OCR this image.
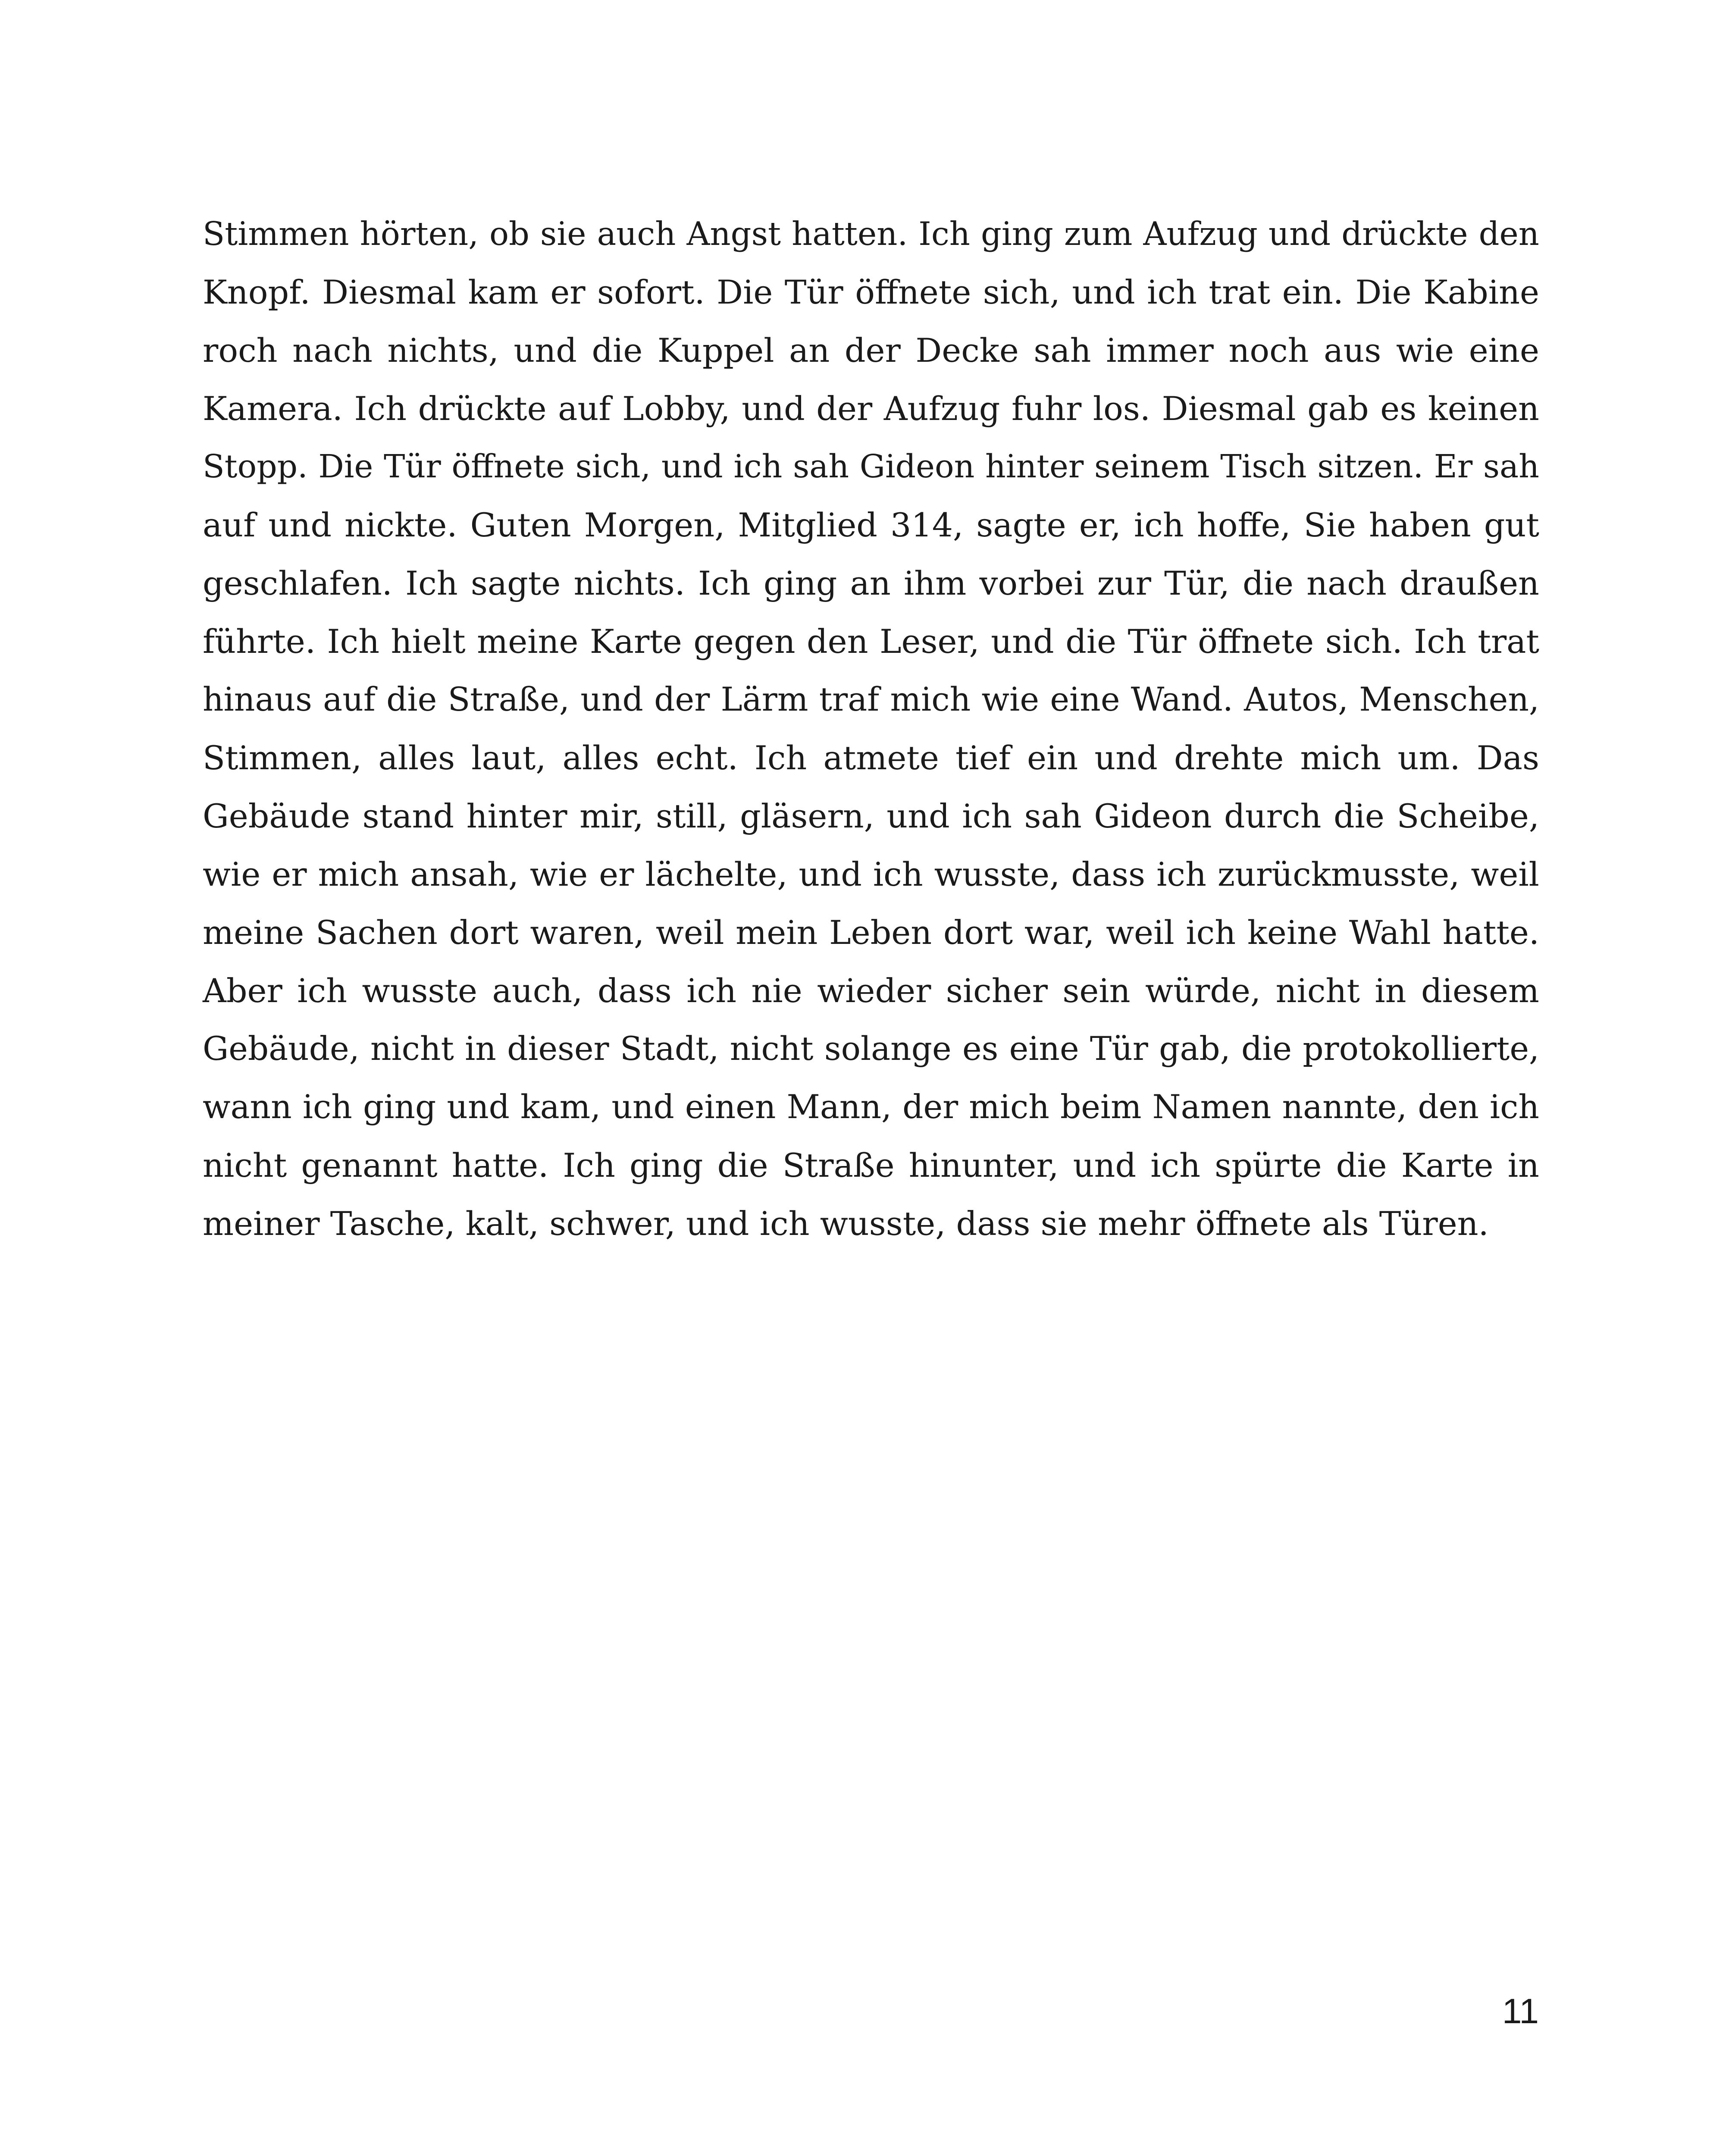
Stimmen hörten, ob sie auch Angst hatten. Ich ging zum Aufzug und drückte den
Knopf. Diesmal kam er sofort. Die Tür öffnete sich, und ich trat ein. Die Kabine
roch nach nichts, und die Kuppel an der Decke sah immer noch aus wie eine
Kamera. Ich drückte auf Lobby, und der Aufzug fuhr los. Diesmal gab es keinen
Stopp. Die Tür öffnete sich, und ich sah Gideon hinter seinem Tisch sitzen. Er sah
auf und nickte. Guten Morgen, Mitglied 314, sagte er, ich hoffe, Sie haben gut
geschlafen. Ich sagte nichts. Ich ging an ihm vorbei zur Tür, die nach draußen
führte. Ich hielt meine Karte gegen den Leser, und die Tür öffnete sich. Ich trat
hinaus auf die Straße, und der Lärm traf mich wie eine Wand. Autos, Menschen,
Stimmen, alles laut, alles echt. Ich atmete tief ein und drehte mich um. Das
Gebäude stand hinter mir, still, gläsern, und ich sah Gideon durch die Scheibe,
wie er mich ansah, wie er lächelte, und ich wusste, dass ich zurückmusste, weil
meine Sachen dort waren, weil mein Leben dort war, weil ich keine Wahl hatte.
Aber ich wusste auch, dass ich nie wieder sicher sein würde, nicht in diesem
Gebäude, nicht in dieser Stadt, nicht solange es eine Tür gab, die protokollierte,
wann ich ging und kam, und einen Mann, der mich beim Namen nannte, den ich
nicht genannt hatte. Ich ging die Straße hinunter, und ich spürte die Karte in
meiner Tasche, kalt, schwer, und ich wusste, dass sie mehr öffnete als Türen.
11
